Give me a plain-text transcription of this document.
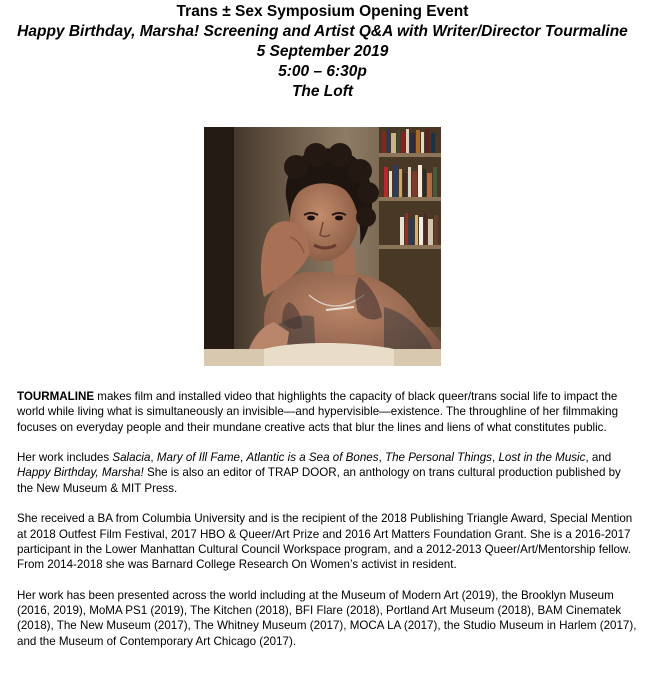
Trans ± Sex Symposium Opening Event
Happy Birthday, Marsha! Screening and Artist Q&A with Writer/Director Tourmaline
5 September 2019
5:00 – 6:30p
The Loft

TOURMALINE makes film and installed video that highlights the capacity of black queer/trans social life to impact the world while living what is simultaneously an invisible—and hypervisible—existence. The throughline of her filmmaking focuses on everyday people and their mundane creative acts that blur the lines and liens of what constitutes public.

Her work includes Salacia, Mary of Ill Fame, Atlantic is a Sea of Bones, The Personal Things, Lost in the Music, and Happy Birthday, Marsha! She is also an editor of TRAP DOOR, an anthology on trans cultural production published by the New Museum & MIT Press.

She received a BA from Columbia University and is the recipient of the 2018 Publishing Triangle Award, Special Mention at 2018 Outfest Film Festival, 2017 HBO & Queer/Art Prize and 2016 Art Matters Foundation Grant. She is a 2016-2017 participant in the Lower Manhattan Cultural Council Workspace program, and a 2012-2013 Queer/Art/Mentorship fellow. From 2014-2018 she was Barnard College Research On Women’s activist in resident.

Her work has been presented across the world including at the Museum of Modern Art (2019), the Brooklyn Museum (2016, 2019), MoMA PS1 (2019), The Kitchen (2018), BFI Flare (2018), Portland Art Museum (2018), BAM Cinematek (2018), The New Museum (2017), The Whitney Museum (2017), MOCA LA (2017), the Studio Museum in Harlem (2017), and the Museum of Contemporary Art Chicago (2017).
